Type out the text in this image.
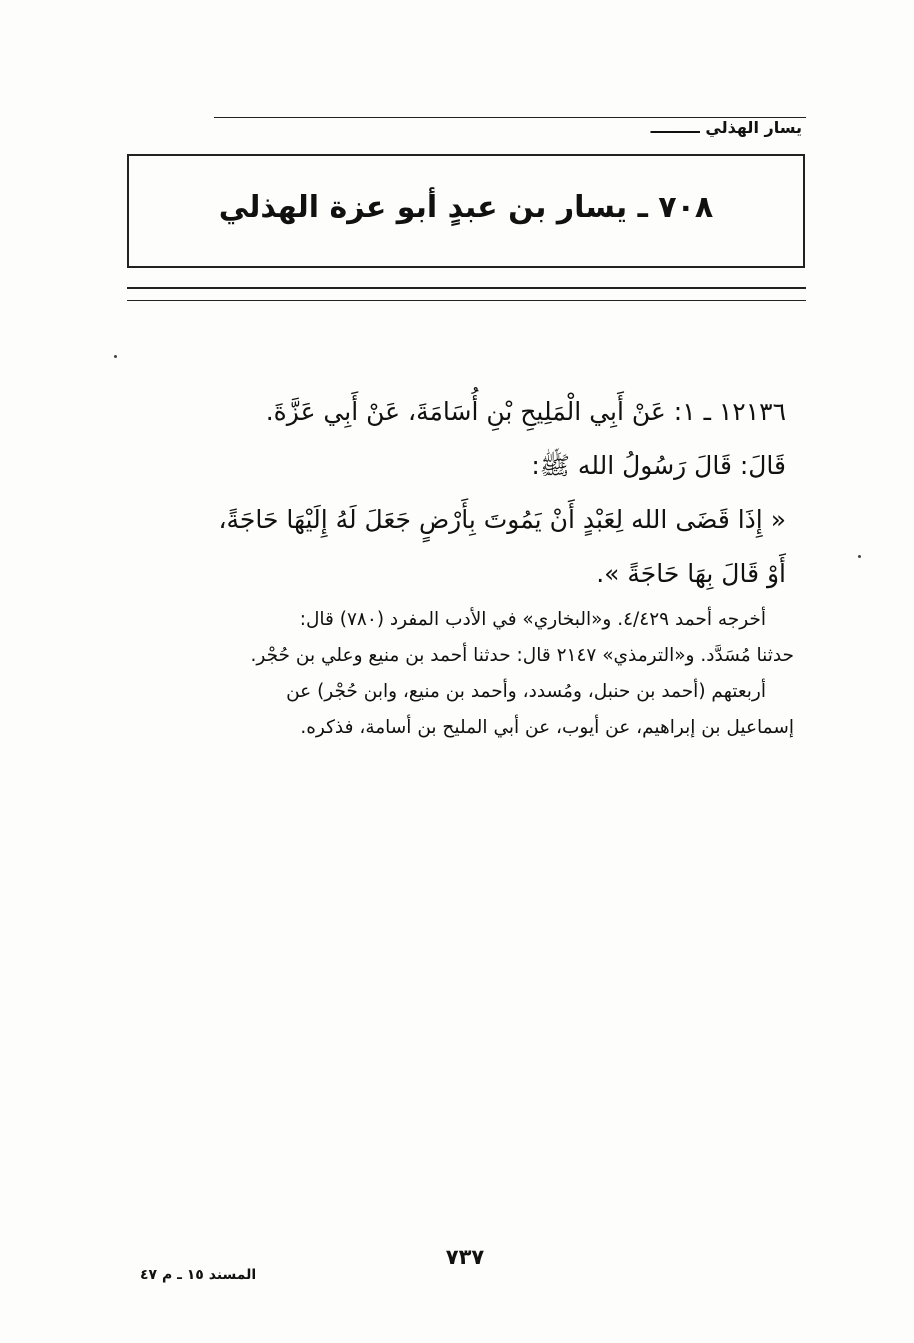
يسار الهذلي ـــــــــ
٧٠٨ ـ يسار بن عبدٍ أبو عزة الهذلي
١٢١٣٦ ـ ١: عَنْ أَبِي الْمَلِيحِ بْنِ أُسَامَةَ، عَنْ أَبِي عَزَّةَ.
قَالَ: قَالَ رَسُولُ الله ﷺ:
« إِذَا قَضَى الله لِعَبْدٍ أَنْ يَمُوتَ بِأَرْضٍ جَعَلَ لَهُ إِلَيْهَا حَاجَةً،
أَوْ قَالَ بِهَا حَاجَةً ».
أخرجه أحمد ٤/٤٢٩. و«البخاري» في الأدب المفرد (٧٨٠) قال:
حدثنا مُسَدَّد. و«الترمذي» ٢١٤٧ قال: حدثنا أحمد بن منيع وعلي بن حُجْر.
أربعتهم (أحمد بن حنبل، ومُسدد، وأحمد بن منيع، وابن حُجْر) عن
إسماعيل بن إبراهيم، عن أيوب، عن أبي المليح بن أسامة، فذكره.
٧٣٧
المسند ١٥ ـ م ٤٧
